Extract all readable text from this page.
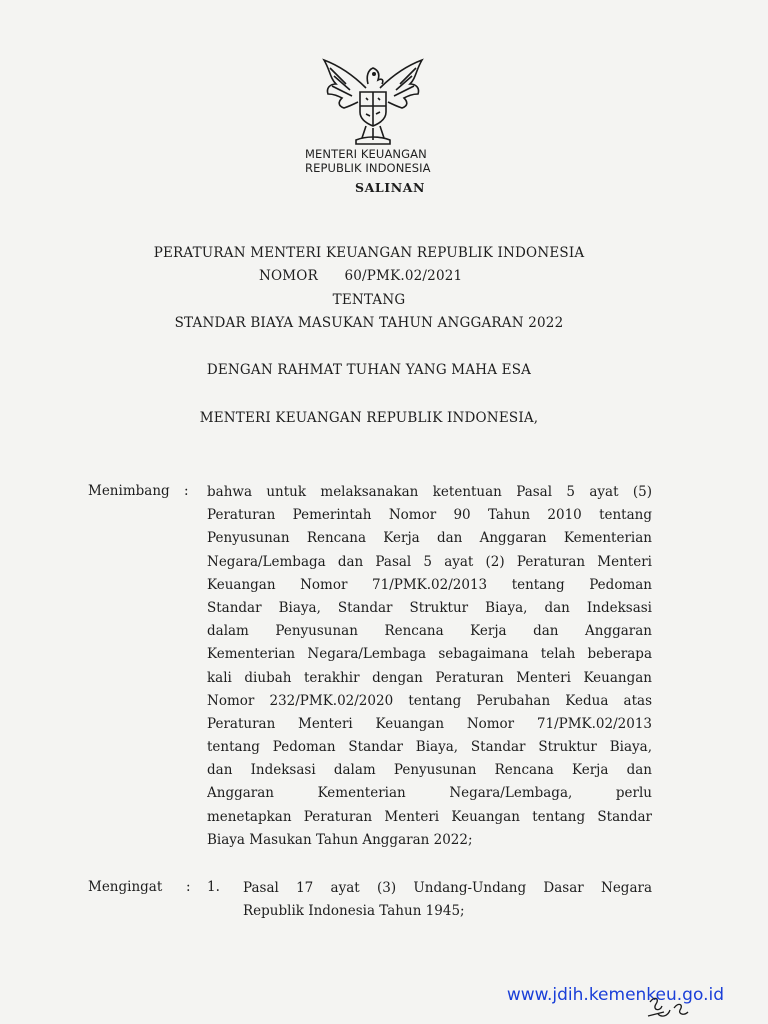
MENTERI KEUANGAN
REPUBLIK INDONESIA
SALINAN
PERATURAN MENTERI KEUANGAN REPUBLIK INDONESIA
NOMOR 60/PMK.02/2021
TENTANG
STANDAR BIAYA MASUKAN TAHUN ANGGARAN 2022
DENGAN RAHMAT TUHAN YANG MAHA ESA
MENTERI KEUANGAN REPUBLIK INDONESIA,
Menimbang : bahwa untuk melaksanakan ketentuan Pasal 5 ayat (5)
Peraturan Pemerintah Nomor 90 Tahun 2010 tentang
Penyusunan Rencana Kerja dan Anggaran Kementerian
Negara/Lembaga dan Pasal 5 ayat (2) Peraturan Menteri
Keuangan Nomor 71/PMK.02/2013 tentang Pedoman
Standar Biaya, Standar Struktur Biaya, dan Indeksasi
dalam Penyusunan Rencana Kerja dan Anggaran
Kementerian Negara/Lembaga sebagaimana telah beberapa
kali diubah terakhir dengan Peraturan Menteri Keuangan
Nomor 232/PMK.02/2020 tentang Perubahan Kedua atas
Peraturan Menteri Keuangan Nomor 71/PMK.02/2013
tentang Pedoman Standar Biaya, Standar Struktur Biaya,
dan Indeksasi dalam Penyusunan Rencana Kerja dan
Anggaran Kementerian Negara/Lembaga, perlu
menetapkan Peraturan Menteri Keuangan tentang Standar
Biaya Masukan Tahun Anggaran 2022;
Mengingat : 1. Pasal 17 ayat (3) Undang-Undang Dasar Negara
Republik Indonesia Tahun 1945;
www.jdih.kemenkeu.go.id
